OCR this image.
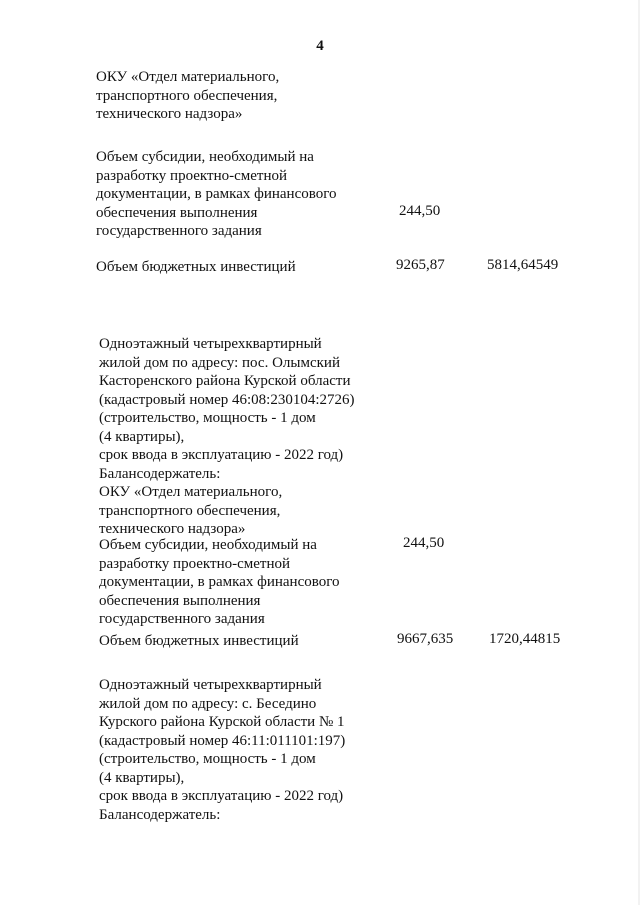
4
ОКУ «Отдел материального,
транспортного обеспечения,
технического надзора»
Объем субсидии, необходимый на
разработку проектно-сметной
документации, в рамках финансового
обеспечения выполнения
государственного задания
244,50
Объем бюджетных инвестиций	9265,87	5814,64549
Одноэтажный четырехквартирный
жилой дом по адресу: пос. Олымский
Касторенского района Курской области
(кадастровый номер 46:08:230104:2726)
(строительство, мощность - 1 дом
(4 квартиры),
срок ввода в эксплуатацию - 2022 год)
Балансодержатель:
ОКУ «Отдел материального,
транспортного обеспечения,
технического надзора»
Объем субсидии, необходимый на
разработку проектно-сметной
документации, в рамках финансового
обеспечения выполнения
государственного задания
244,50
Объем бюджетных инвестиций	9667,635 1720,44815
Одноэтажный четырехквартирный
жилой дом по адресу: с. Беседино
Курского района Курской области № 1
(кадастровый номер 46:11:011101:197)
(строительство, мощность - 1 дом
(4 квартиры),
срок ввода в эксплуатацию - 2022 год)
Балансодержатель:
